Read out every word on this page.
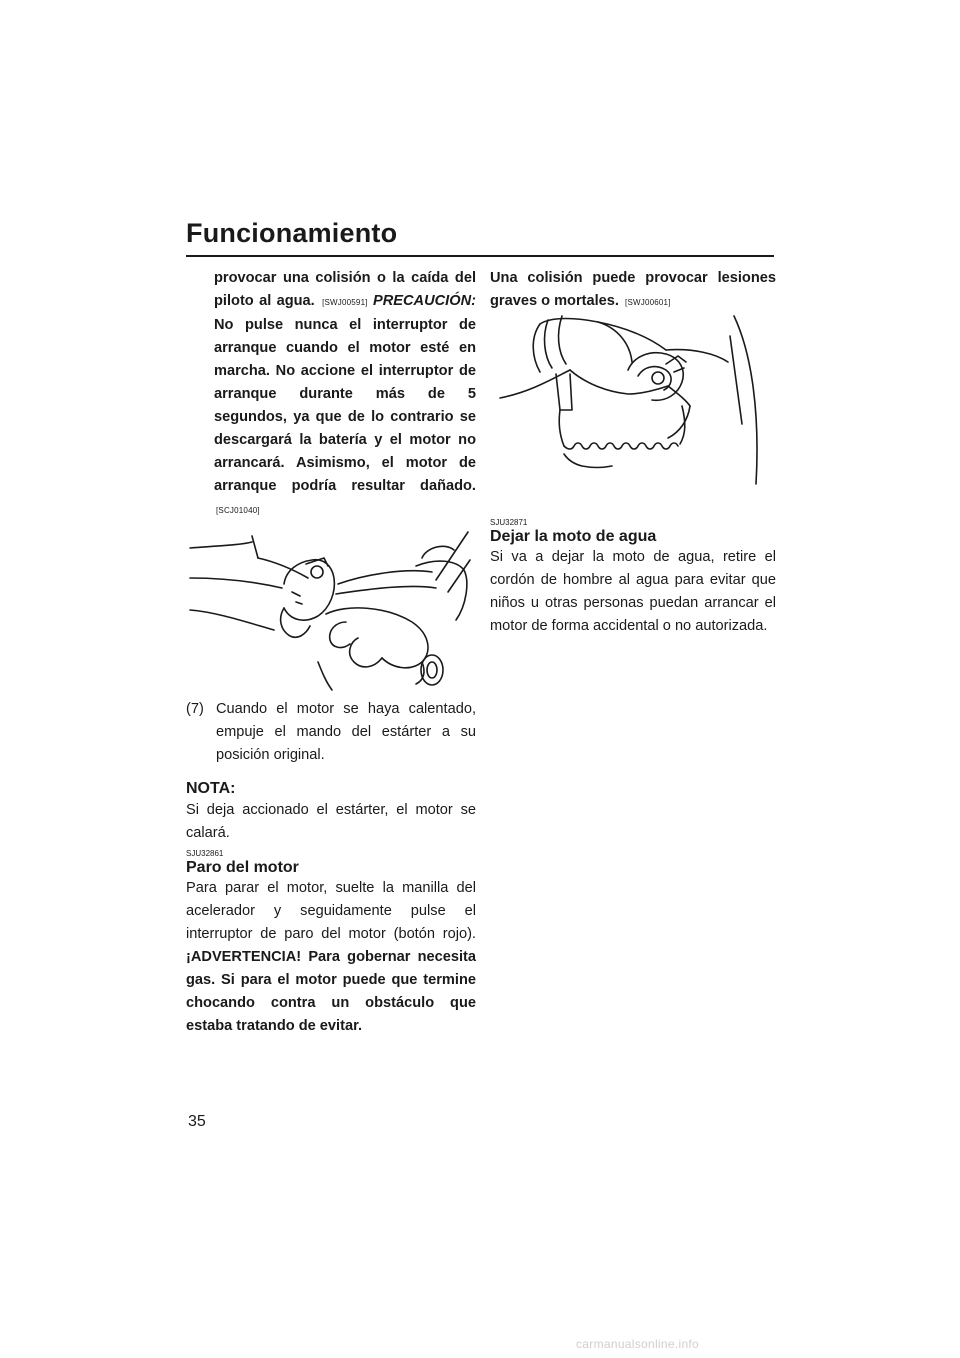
Funcionamiento
provocar una colisión o la caída del piloto al agua. [SWJ00591] PRECAUCIÓN: No pulse nunca el interruptor de arranque cuando el motor esté en marcha. No accione el interruptor de arranque durante más de 5 segundos, ya que de lo contrario se descargará la batería y el motor no arrancará. Asimismo, el motor de arranque podría resultar dañado. [SCJ01040]
(7) Cuando el motor se haya calentado, empuje el mando del estárter a su posición original.
NOTA:
Si deja accionado el estárter, el motor se calará.
SJU32861
Paro del motor
Para parar el motor, suelte la manilla del acelerador y seguidamente pulse el interruptor de paro del motor (botón rojo). ¡ADVERTENCIA! Para gobernar necesita gas. Si para el motor puede que termine chocando contra un obstáculo que estaba tratando de evitar.
Una colisión puede provocar lesiones graves o mortales. [SWJ00601]
SJU32871
Dejar la moto de agua
Si va a dejar la moto de agua, retire el cordón de hombre al agua para evitar que niños u otras personas puedan arrancar el motor de forma accidental o no autorizada.
35
carmanualsonline.info
